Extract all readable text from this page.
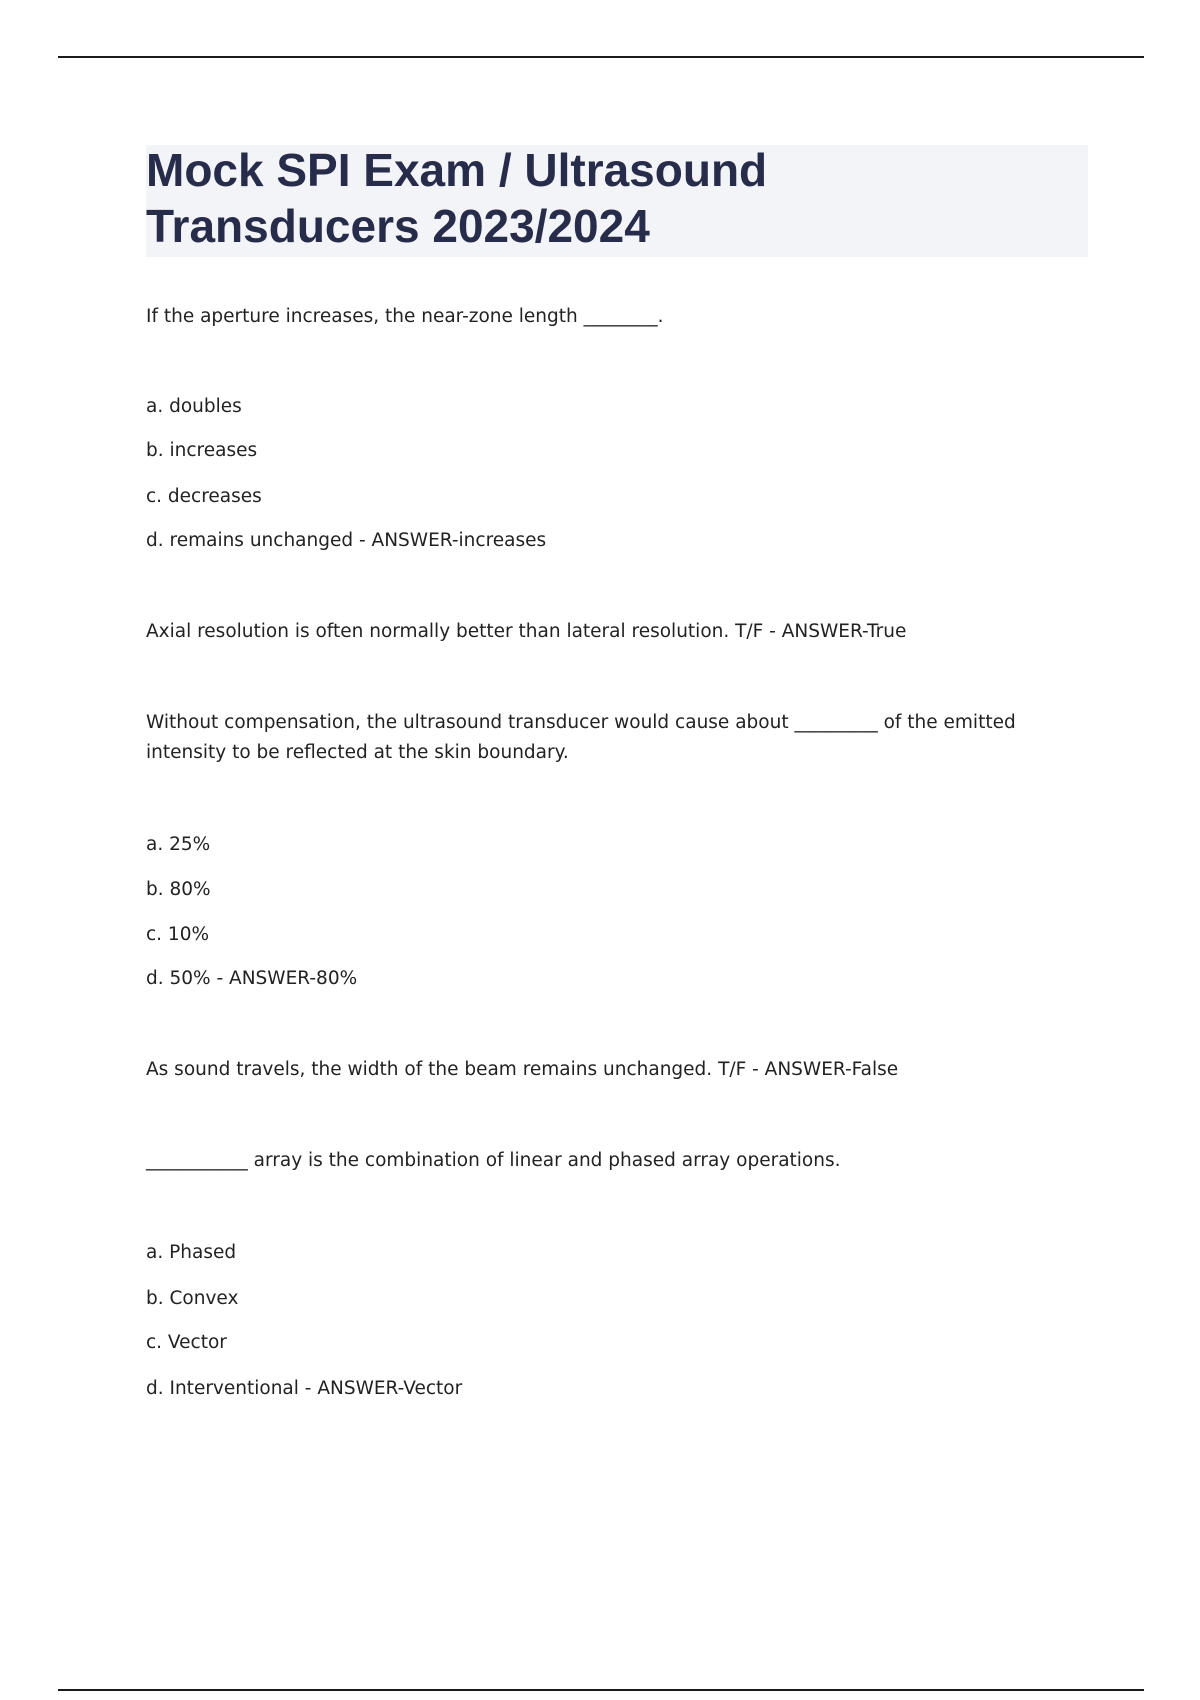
Mock SPI Exam / Ultrasound
Transducers 2023/2024

If the aperture increases, the near-zone length ________.

a. doubles

b. increases

c. decreases

d. remains unchanged - ANSWER-increases

Axial resolution is often normally better than lateral resolution. T/F - ANSWER-True

Without compensation, the ultrasound transducer would cause about _________ of the emitted

intensity to be reflected at the skin boundary.

a. 25%

b. 80%

c. 10%

d. 50% - ANSWER-80%

As sound travels, the width of the beam remains unchanged. T/F - ANSWER-False

___________ array is the combination of linear and phased array operations.

a. Phased

b. Convex

c. Vector

d. Interventional - ANSWER-Vector
